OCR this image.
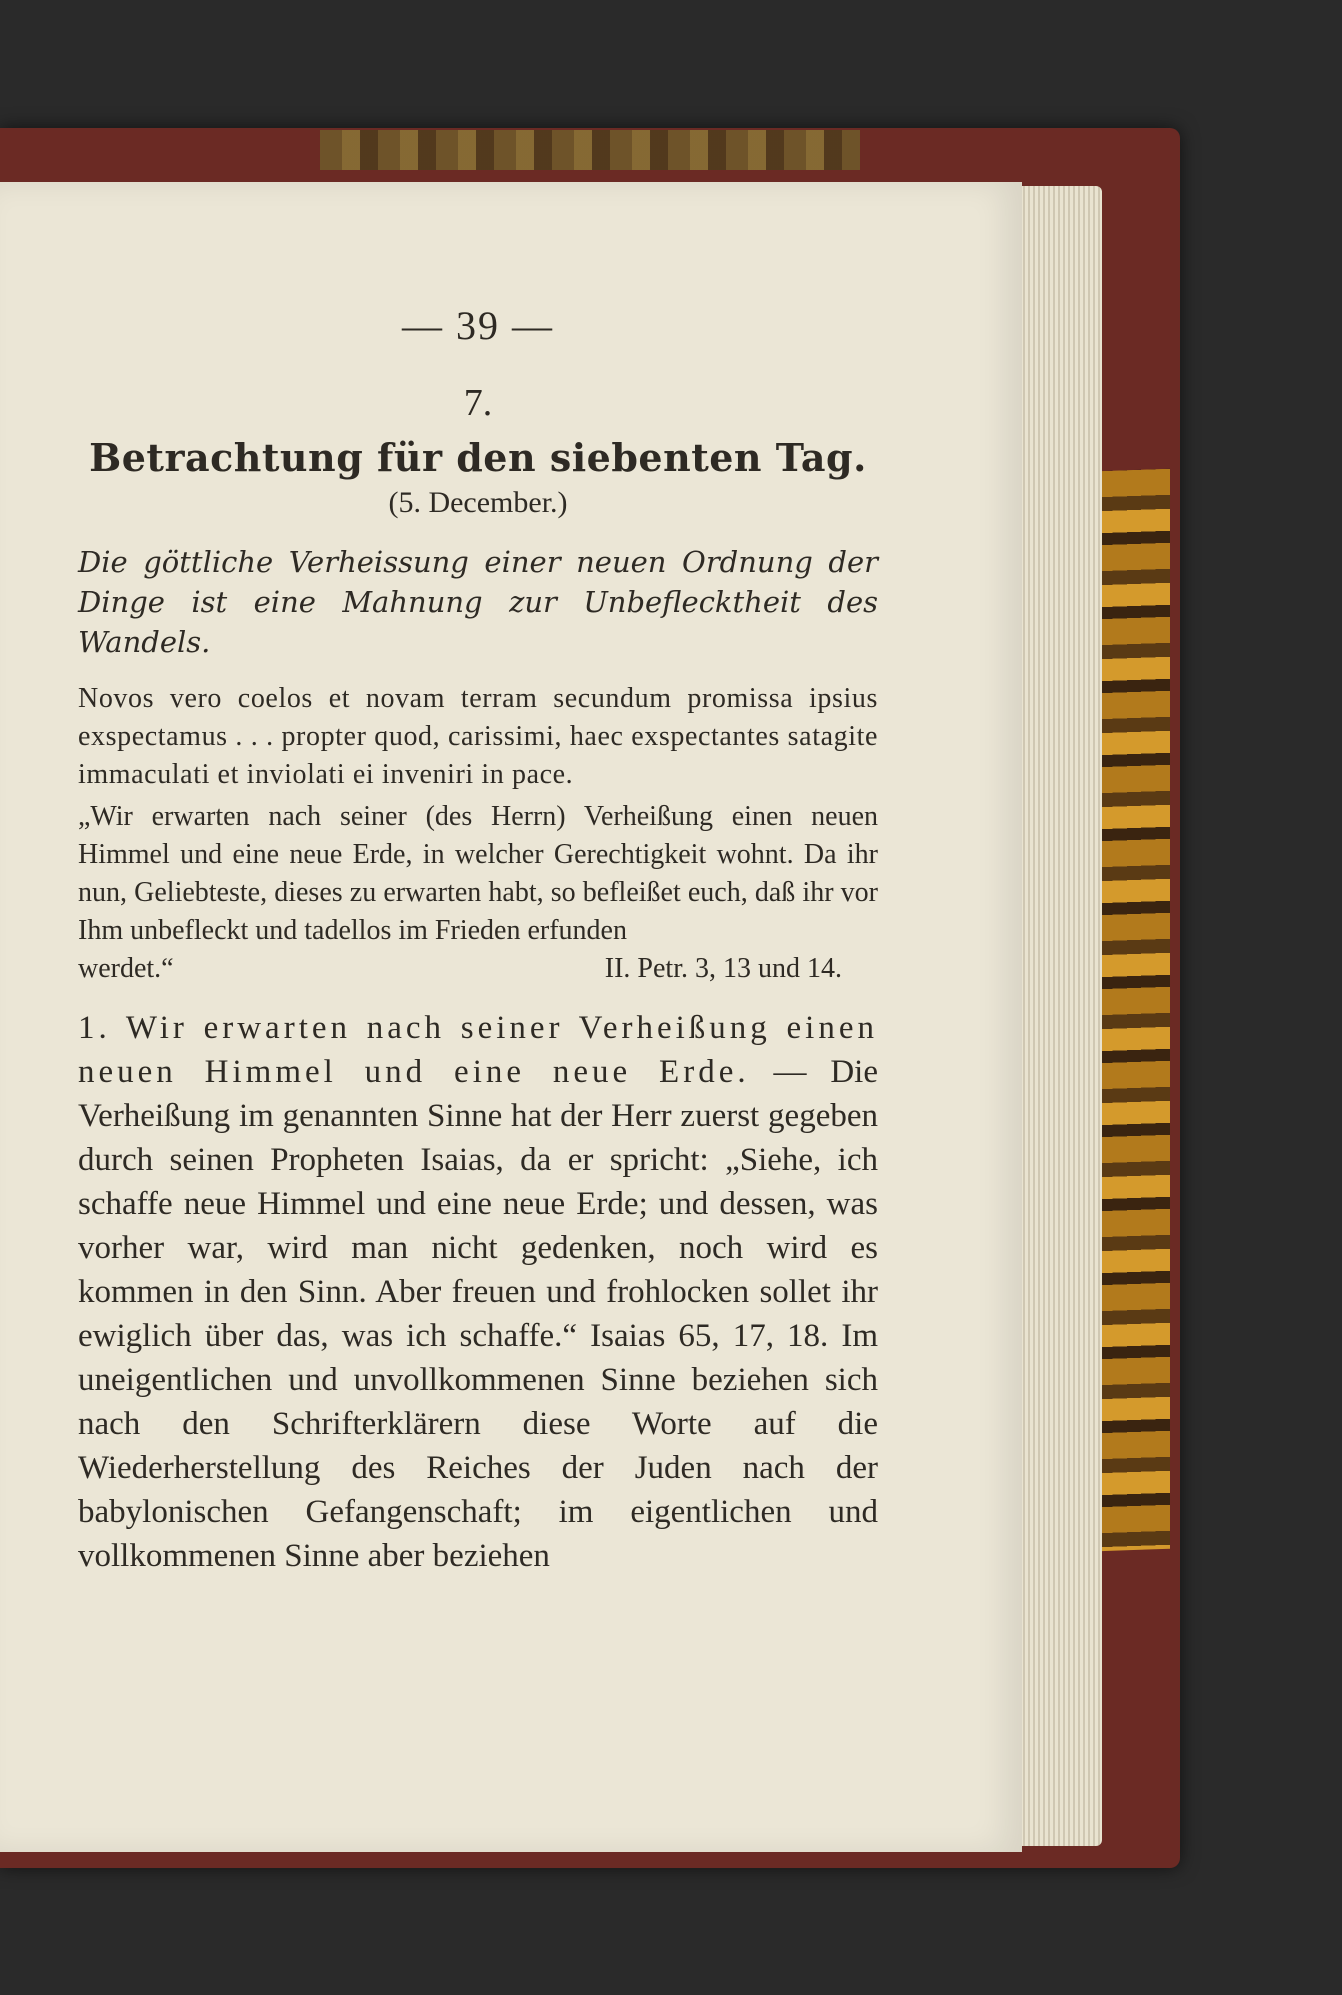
— 39 —
7.
Betrachtung für den siebenten Tag.
(5. December.)

Die göttliche Verheissung einer neuen Ordnung der Dinge ist eine Mahnung zur Unbeflecktheit des Wandels.

Novos vero coelos et novam terram secundum promissa ipsius exspectamus . . . propter quod, carissimi, haec exspectantes satagite immaculati et inviolati ei inveniri in pace.

„Wir erwarten nach seiner (des Herrn) Verheißung einen neuen Himmel und eine neue Erde, in welcher Gerechtigkeit wohnt. Da ihr nun, Geliebteste, dieses zu erwarten habt, so befleißet euch, daß ihr vor Ihm unbefleckt und tadellos im Frieden erfunden

werdet.“	II. Petr. 3, 13 und 14.

1. Wir erwarten nach seiner Verheißung einen neuen Himmel und eine neue Erde. — Die Verheißung im genannten Sinne hat der Herr zuerst gegeben durch seinen Propheten Isaias, da er spricht: „Siehe, ich schaffe neue Himmel und eine neue Erde; und dessen, was vorher war, wird man nicht gedenken, noch wird es kommen in den Sinn. Aber freuen und frohlocken sollet ihr ewiglich über das, was ich schaffe.“ Isaias 65, 17, 18. Im uneigentlichen und unvollkommenen Sinne beziehen sich nach den Schrifterklärern diese Worte auf die Wiederherstellung des Reiches der Juden nach der babylonischen Gefangenschaft; im eigentlichen und vollkommenen Sinne aber beziehen
